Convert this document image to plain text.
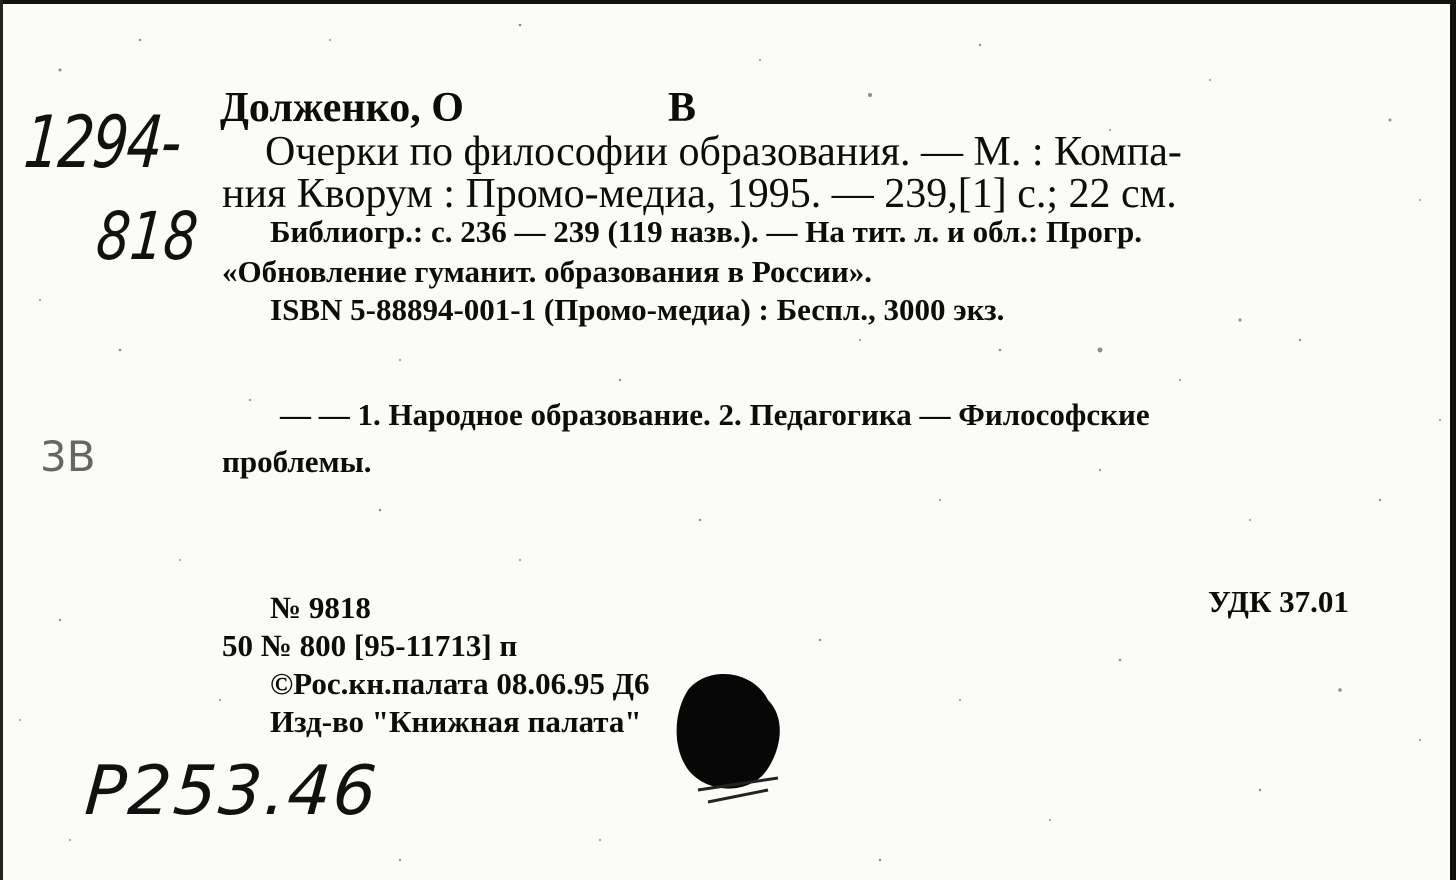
Долженко, О	В
Очерки по философии образования. — М. : Компа-
ния Кворум : Промо-медиа, 1995. — 239,[1] с.; 22 см.
Библиогр.: с. 236 — 239 (119 назв.). — На тит. л. и обл.: Прогр.
«Обновление гуманит. образования в России».
ISBN 5-88894-001-1 (Промо-медиа) : Беспл., 3000 экз.
— — 1. Народное образование. 2. Педагогика — Философские
проблемы.
№ 9818	УДК 37.01
50 № 800 [95-11713] п
©Рос.кн.палата 08.06.95 Д6
Изд-во "Книжная палата"
1294-
818
3B
P253.46
